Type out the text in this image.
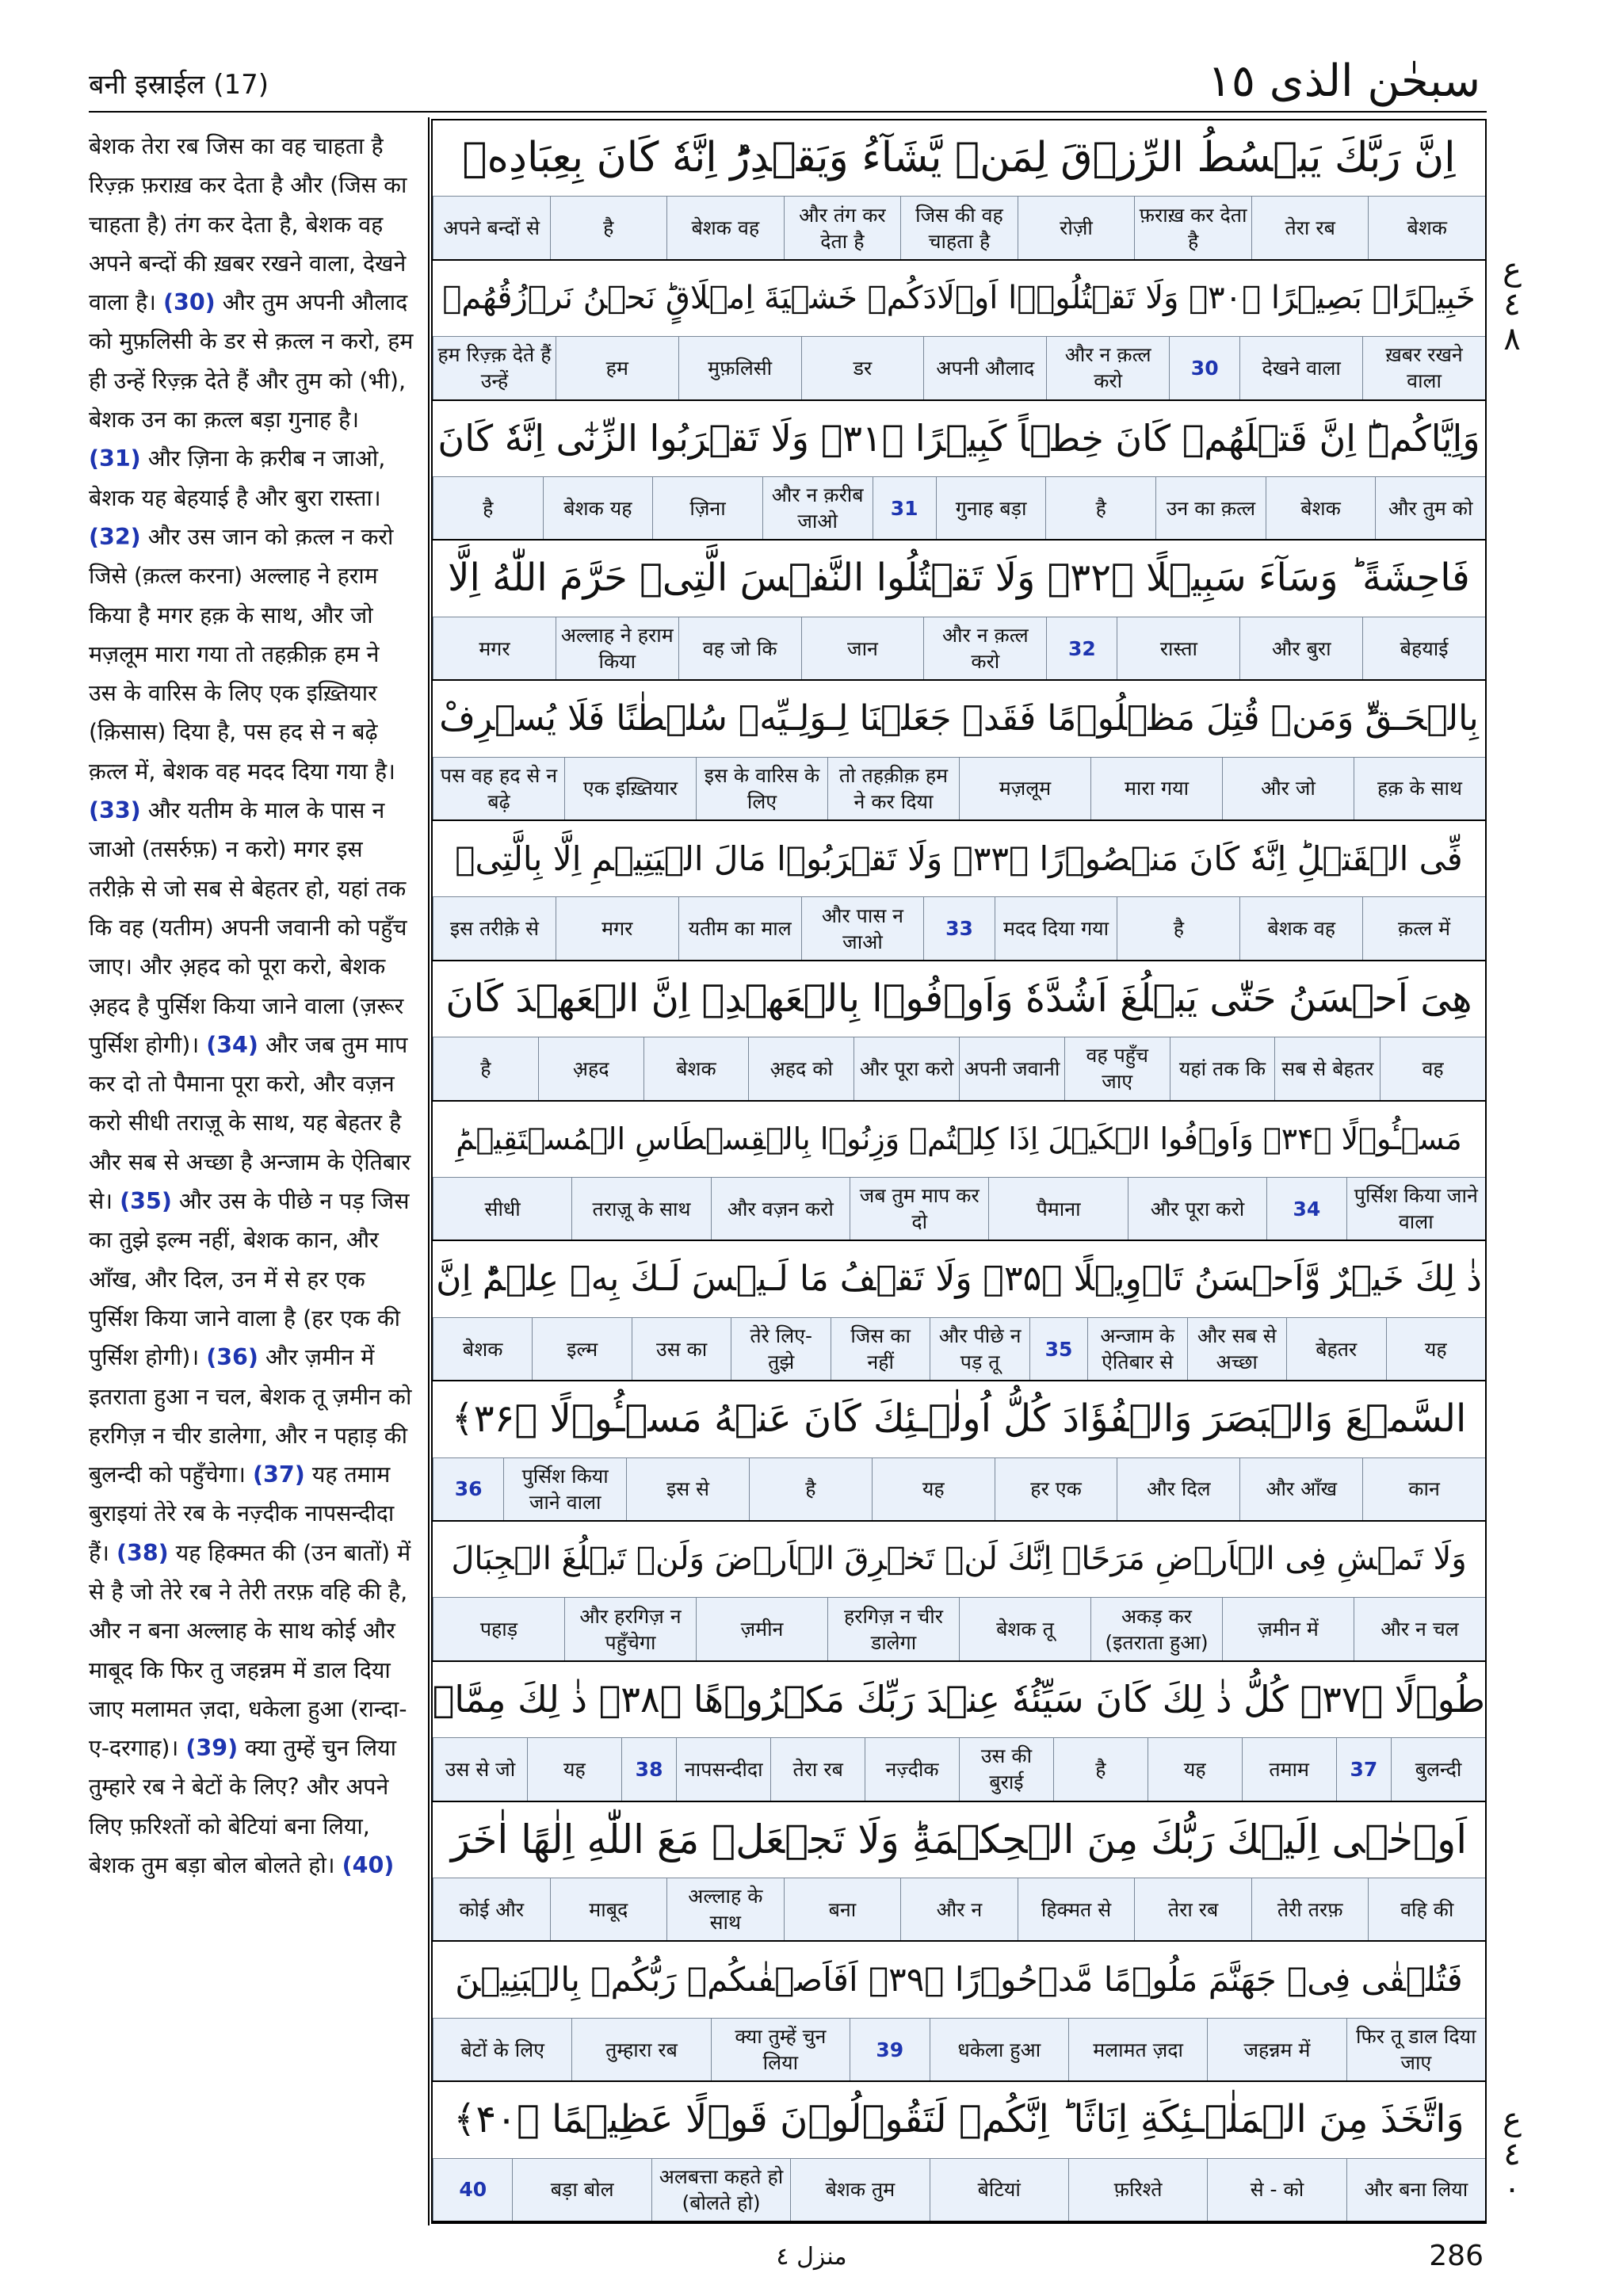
बनी इस्राईल (17)	سبحٰن الذى ١٥
बेशक तेरा रब जिस का वह चाहता है रिज़्क़ फ़राख़ कर देता है और (जिस का चाहता है) तंग कर देता है, बेशक वह अपने बन्दों की ख़बर रखने वाला, देखने वाला है। (30) और तुम अपनी औलाद को मुफ़लिसी के डर से क़त्ल न करो, हम ही उन्हें रिज़्क़ देते हैं और तुम को (भी), बेशक उन का क़त्ल बड़ा गुनाह है। (31) और ज़िना के क़रीब न जाओ, बेशक यह बेहयाई है और बुरा रास्ता। (32) और उस जान को क़त्ल न करो जिसे (क़त्ल करना) अल्लाह ने हराम किया है मगर हक़ के साथ, और जो मज़लूम मारा गया तो तहक़ीक़ हम ने उस के वारिस के लिए एक इख़्तियार (क़िसास) दिया है, पस हद से न बढ़े क़त्ल में, बेशक वह मदद दिया गया है। (33) और यतीम के माल के पास न जाओ (तसर्रुफ़) न करो) मगर इस तरीक़े से जो सब से बेहतर हो, यहां तक कि वह (यतीम) अपनी जवानी को पहुँच जाए। और अ़हद को पूरा करो, बेशक अ़हद है पुर्सिश किया जाने वाला (ज़रूर पुर्सिश होगी)। (34) और जब तुम माप कर दो तो पैमाना पूरा करो, और वज़न करो सीधी तराज़ू के साथ, यह बेहतर है और सब से अच्छा है अन्जाम के ऐतिबार से। (35) और उस के पीछे न पड़ जिस का तुझे इल्म नहीं, बेशक कान, और आँख, और दिल, उन में से हर एक पुर्सिश किया जाने वाला है (हर एक की पुर्सिश होगी)। (36) और ज़मीन में इतराता हुआ न चल, बेशक तू ज़मीन को हरगिज़ न चीर डालेगा, और न पहाड़ की बुलन्दी को पहुँचेगा। (37) यह तमाम बुराइयां तेरे रब के नज़्दीक नापसन्दीदा हैं। (38) यह हिक्मत की (उन बातों) में से है जो तेरे रब ने तेरी तरफ़ वहि की है, और न बना अल्लाह के साथ कोई और माबूद कि फिर तु जहन्नम में डाल दिया जाए मलामत ज़दा, धकेला हुआ (रान्दा-ए-दरगाह)। (39) क्या तुम्हें चुन लिया तुम्हारे रब ने बेटों के लिए? और अपने लिए फ़रिश्तों को बेटियां बना लिया, बेशक तुम बड़ा बोल बोलते हो। (40)
اِنَّ رَبَّكَ يَبۡسُطُ الرِّزۡقَ لِمَنۡ يَّشَآءُ وَيَقۡدِرُ‌ؕ اِنَّهٗ كَانَ بِعِبَادِهٖ
बेशक
तेरा रब
फ़राख़ कर देता है
रोज़ी
जिस की वह चाहता है
और तंग कर देता है
बेशक वह
है
अपने बन्दों से
خَبِيۡرًاۢ بَصِيۡرًا ﴿۳۰﴾ وَلَا تَقۡتُلُوۡۤا اَوۡلَادَكُمۡ خَشۡيَةَ اِمۡلَاقٍ‌ؕ نَحۡنُ نَرۡزُقُهُمۡ
ख़बर रखने वाला
देखने वाला
30
और न क़त्ल करो
अपनी औलाद
डर
मुफ़लिसी
हम
हम रिज़्क़ देते हैं उन्हें
وَاِيَّاكُمۡ‌ؕ اِنَّ قَتۡلَهُمۡ كَانَ خِطۡاً كَبِيۡرًا ﴿۳۱﴾ وَلَا تَقۡرَبُوا الزِّنٰٓى اِنَّهٗ كَانَ
और तुम को
बेशक
उन का क़त्ल
है
गुनाह बड़ा
31
और न क़रीब जाओ
ज़िना
बेशक यह
है
فَاحِشَةً ؕ وَسَآءَ سَبِيۡلًا ﴿۳۲﴾ وَلَا تَقۡتُلُوا النَّفۡسَ الَّتِىۡ حَرَّمَ اللّٰهُ اِلَّا
बेहयाई
और बुरा
रास्ता
32
और न क़त्ल करो
जान
वह जो कि
अल्लाह ने हराम किया
मगर
بِالۡحَـقِّ‌ؕ وَمَنۡ قُتِلَ مَظۡلُوۡمًا فَقَدۡ جَعَلۡنَا لِـوَلِـيِّهٖ سُلۡطٰنًا فَلَا يُسۡرِفْ
हक़ के साथ
और जो
मारा गया
मज़लूम
तो तहक़ीक़ हम ने कर दिया
इस के वारिस के लिए
एक इख़्तियार
पस वह हद से न बढ़े
فِّى الۡقَتۡلِ‌ؕ اِنَّهٗ كَانَ مَنۡصُوۡرًا ﴿۳۳﴾ وَلَا تَقۡرَبُوۡا مَالَ الۡيَتِيۡمِ اِلَّا بِالَّتِىۡ
क़त्ल में
बेशक वह
है
मदद दिया गया
33
और पास न जाओ
यतीम का माल
मगर
इस तरीक़े से
هِىَ اَحۡسَنُ حَتّٰى يَبۡلُغَ اَشُدَّهٗ‌ وَاَوۡفُوۡا بِالۡعَهۡدِ‌ۚ اِنَّ الۡعَهۡدَ كَانَ
वह
सब से बेहतर
यहां तक कि
वह पहुँच जाए
अपनी जवानी
और पूरा करो
अ़हद को
बेशक
अ़हद
है
مَسۡـُٔوۡلًا ﴿۳۴﴾ وَاَوۡفُوا الۡكَيۡلَ اِذَا كِلۡتُمۡ وَزِنُوۡا بِالۡقِسۡطَاسِ الۡمُسۡتَقِيۡمِ‌ؕ
पुर्सिश किया जाने वाला
34
और पूरा करो
पैमाना
जब तुम माप कर दो
और वज़न करो
तराज़ू के साथ
सीधी
ذٰ لِكَ خَيۡرٌ وَّاَحۡسَنُ تَاۡوِيۡلًا ﴿۳۵﴾ وَلَا تَقۡفُ مَا لَـيۡسَ لَـكَ بِهٖ عِلۡمٌ‌ؕ اِنَّ
यह
बेहतर
और सब से अच्छा
अन्जाम के ऐतिबार से
35
और पीछे न पड़ तू
जिस का नहीं
तेरे लिए- तुझे
उस का
इल्म
बेशक
السَّمۡعَ وَالۡبَصَرَ وَالۡفُؤَادَ كُلُّ اُولٰۤـئِكَ كَانَ عَنۡهُ مَسۡـُٔوۡلًا ﴿۳۶﴾
कान
और आँख
और दिल
हर एक
यह
है
इस से
पुर्सिश किया जाने वाला
36
وَلَا تَمۡشِ فِى الۡاَرۡضِ مَرَحًا‌ۚ اِنَّكَ لَنۡ تَخۡرِقَ الۡاَرۡضَ وَلَنۡ تَبۡلُغَ الۡجِبَالَ
और न चल
ज़मीन में
अकड़ कर (इतराता हुआ)
बेशक तू
हरगिज़ न चीर डालेगा
ज़मीन
और हरगिज़ न पहुँचेगा
पहाड़
طُوۡلًا ﴿۳۷﴾ كُلُّ ذٰ لِكَ كَانَ سَيِّئُهٗ عِنۡدَ رَبِّكَ مَكۡرُوۡهًا ﴿۳۸﴾ ذٰ لِكَ مِمَّاۤ
बुलन्दी
37
तमाम
यह
है
उस की बुराई
नज़्दीक
तेरा रब
नापसन्दीदा
38
यह
उस से जो
اَوۡحٰۤى اِلَيۡكَ رَبُّكَ مِنَ الۡحِكۡمَةِ‌ؕ وَلَا تَجۡعَلۡ مَعَ اللّٰهِ اِلٰهًا اٰخَرَ
वहि की
तेरी तरफ़
तेरा रब
हिक्मत से
और न
बना
अल्लाह के साथ
माबूद
कोई और
فَتُلۡقٰى فِىۡ جَهَنَّمَ مَلُوۡمًا مَّدۡحُوۡرًا ﴿۳۹﴾ اَفَاَصۡفٰٮكُمۡ رَبُّكُمۡ بِالۡبَنِيۡنَ
फिर तू डाल दिया जाए
जहन्नम में
मलामत ज़दा
धकेला हुआ
39
क्या तुम्हें चुन लिया
तुम्हारा रब
बेटों के लिए
وَاتَّخَذَ مِنَ الۡمَلٰۤـئِكَةِ اِنَاثًا‌ ؕ اِنَّكُمۡ لَتَقُوۡلُوۡنَ قَوۡلًا عَظِيۡمًا ﴿۴۰﴾
और बना लिया
से - को
फ़रिश्ते
बेटियां
बेशक तुम
अलबत्ता कहते हो (बोलते हो)
बड़ा बोल
40
ع ٤ ٨
ع ٤ ٠
منزل ٤	286
